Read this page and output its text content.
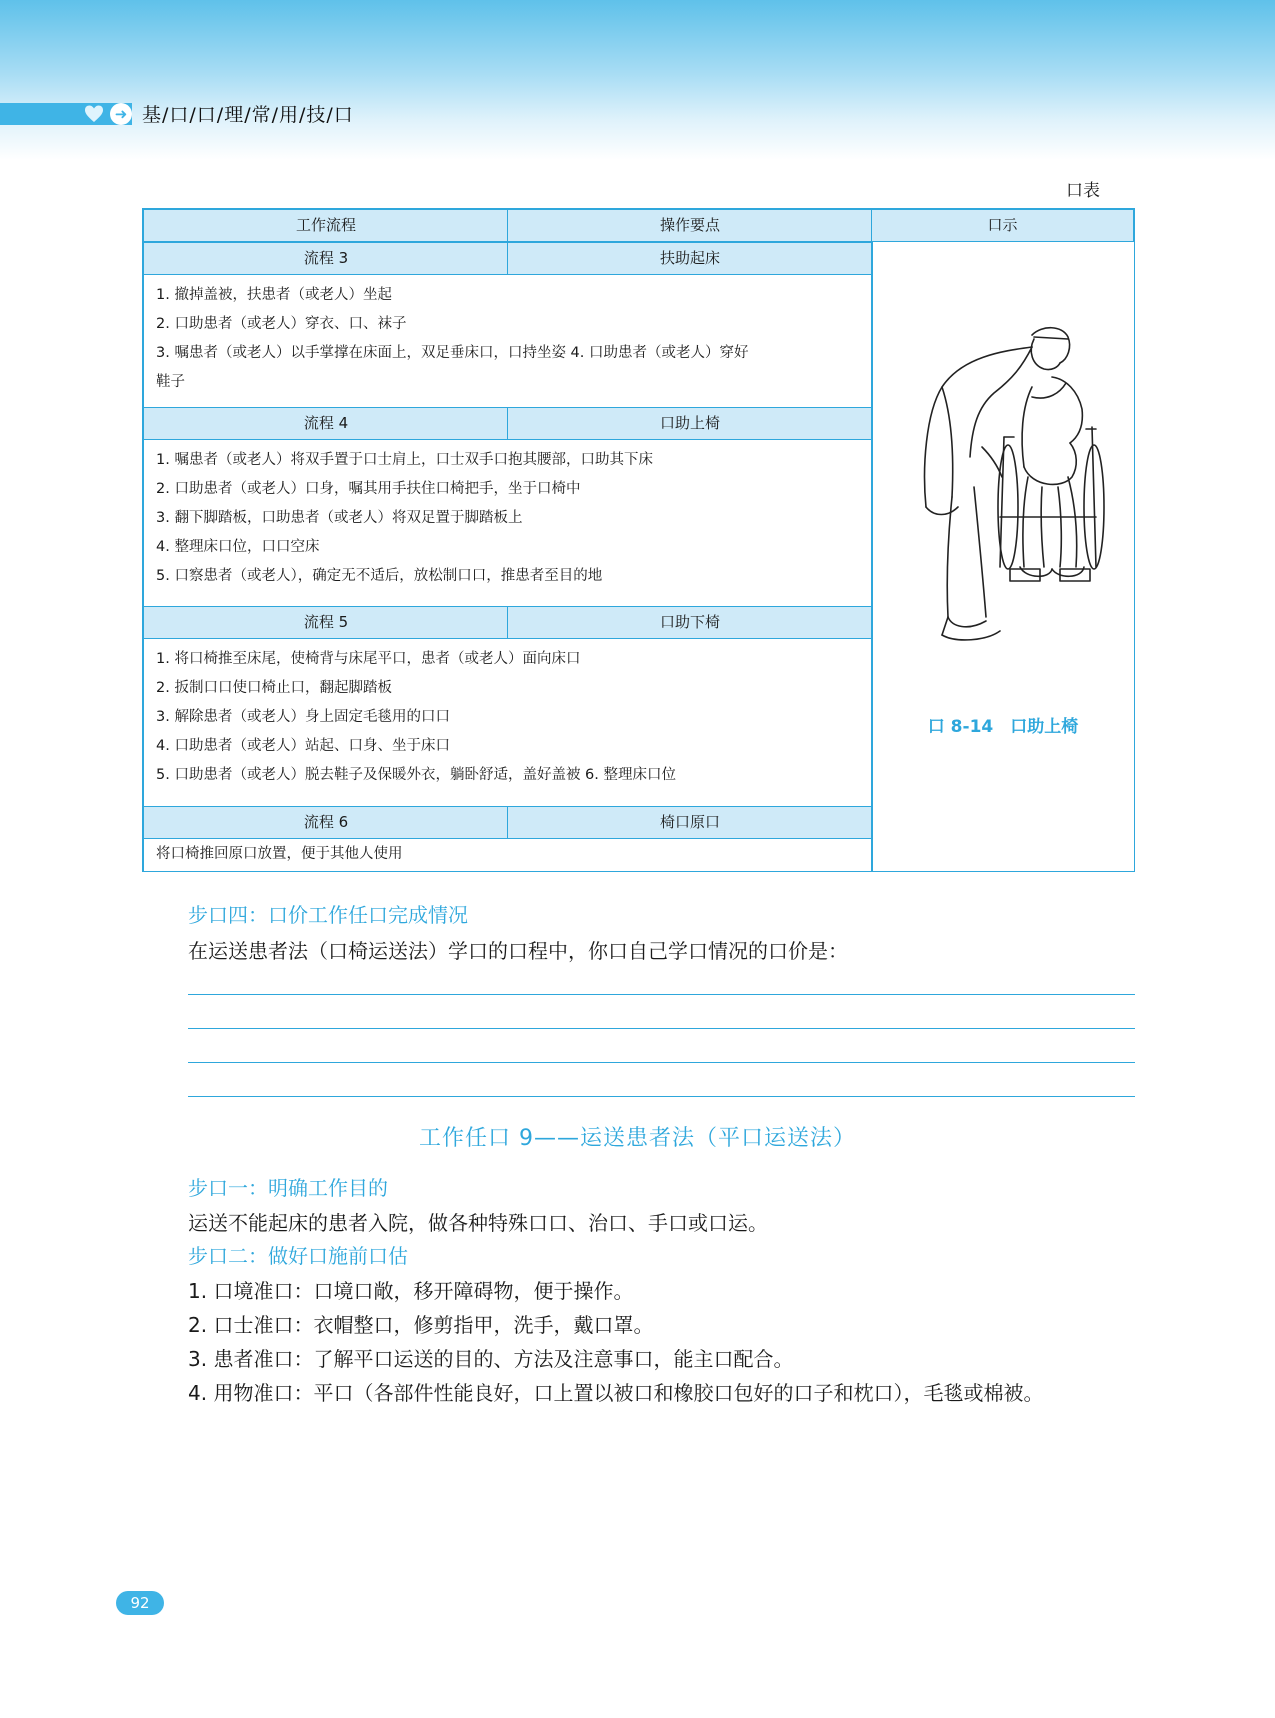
➜ 基/口/口/理/常/用/技/口
口表
工作流程	操作要点	口示
流程 3	扶助起床
1. 撤掉盖被，扶患者（或老人）坐起
2. 口助患者（或老人）穿衣、口、袜子
3. 嘱患者（或老人）以手掌撑在床面上，双足垂床口，口持坐姿 4. 口助患者（或老人）穿好
鞋子
流程 4	口助上椅
1. 嘱患者（或老人）将双手置于口士肩上，口士双手口抱其腰部，口助其下床
2. 口助患者（或老人）口身，嘱其用手扶住口椅把手，坐于口椅中
3. 翻下脚踏板，口助患者（或老人）将双足置于脚踏板上
4. 整理床口位，口口空床
5. 口察患者（或老人），确定无不适后，放松制口口，推患者至目的地
流程 5	口助下椅
1. 将口椅推至床尾，使椅背与床尾平口，患者（或老人）面向床口
2. 扳制口口使口椅止口，翻起脚踏板
3. 解除患者（或老人）身上固定毛毯用的口口
4. 口助患者（或老人）站起、口身、坐于床口
5. 口助患者（或老人）脱去鞋子及保暖外衣，躺卧舒适，盖好盖被 6. 整理床口位
流程 6	椅口原口
将口椅推回原口放置，便于其他人使用
口 8-14　口助上椅
步口四：口价工作任口完成情况
在运送患者法（口椅运送法）学口的口程中，你口自己学口情况的口价是：
工作任口 9——运送患者法（平口运送法）
步口一：明确工作目的
运送不能起床的患者入院，做各种特殊口口、治口、手口或口运。
步口二：做好口施前口估
1. 口境准口：口境口敞，移开障碍物，便于操作。
2. 口士准口：衣帽整口，修剪指甲，洗手，戴口罩。
3. 患者准口：了解平口运送的目的、方法及注意事口，能主口配合。
4. 用物准口：平口（各部件性能良好，口上置以被口和橡胶口包好的口子和枕口），毛毯或棉被。
92
